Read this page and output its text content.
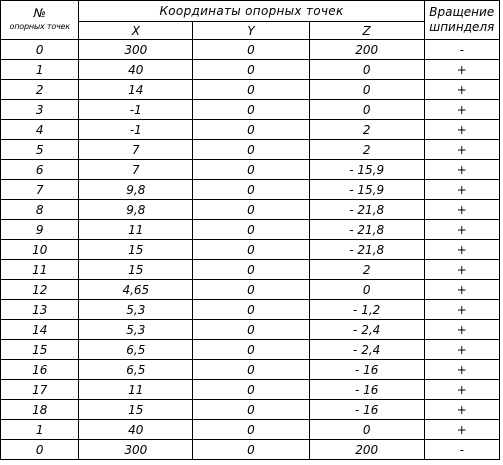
№
опорных точек	Координаты опорных точек			Вращение
шпинделя
	X	Y	Z	
0	300	0	200	-
1	40	0	0	+
2	14	0	0	+
3	-1	0	0	+
4	-1	0	2	+
5	7	0	2	+
6	7	0	- 15,9	+
7	9,8	0	- 15,9	+
8	9,8	0	- 21,8	+
9	11	0	- 21,8	+
10	15	0	- 21,8	+
11	15	0	2	+
12	4,65	0	0	+
13	5,3	0	- 1,2	+
14	5,3	0	- 2,4	+
15	6,5	0	- 2,4	+
16	6,5	0	- 16	+
17	11	0	- 16	+
18	15	0	- 16	+
1	40	0	0	+
0	300	0	200	-
